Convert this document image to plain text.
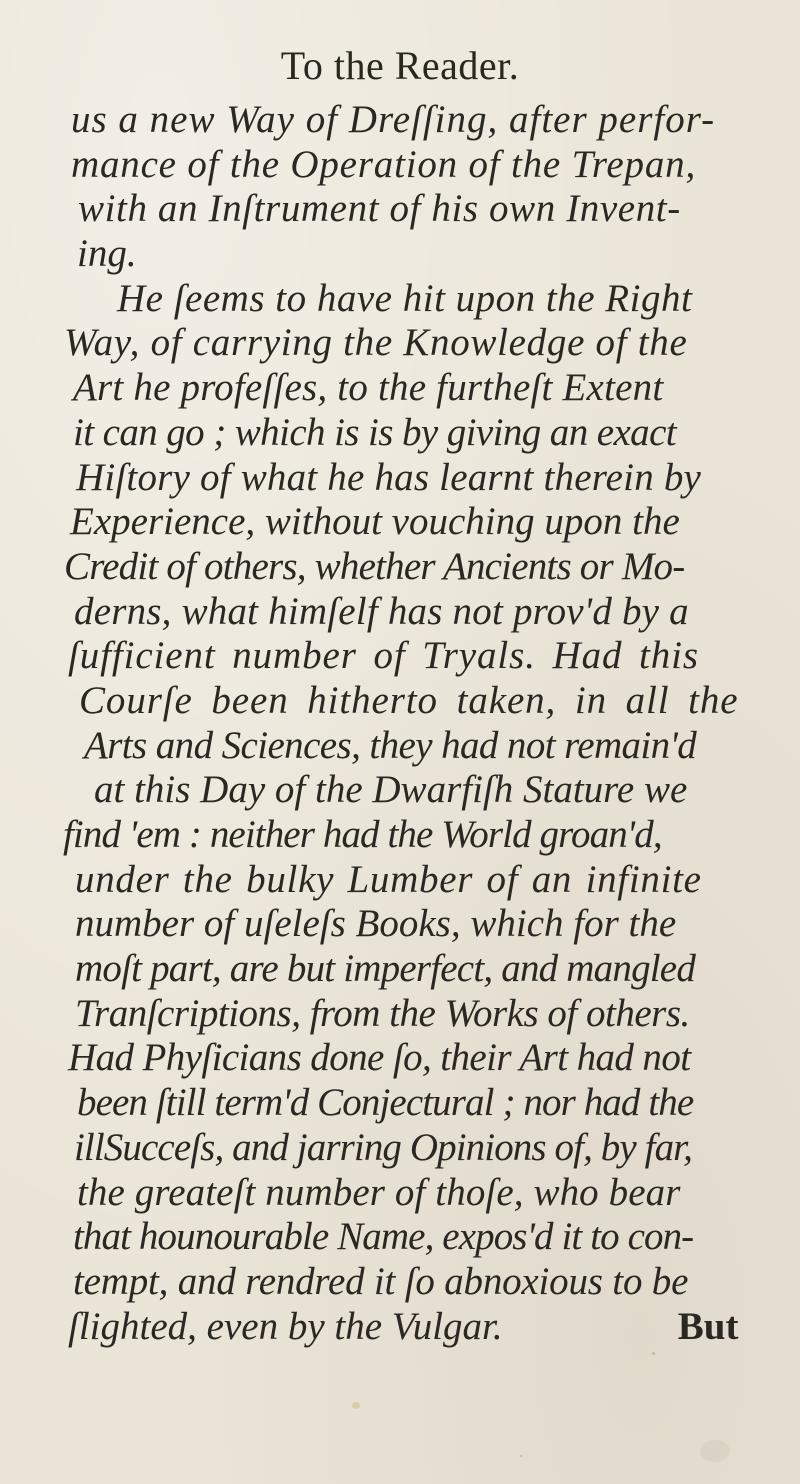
To the Reader.
us a new Way of Dreſſing, after perfor-
mance of the Operation of the Trepan,
with an Inſtrument of his own Invent-
ing.
He ſeems to have hit upon the Right
Way, of carrying the Knowledge of the
Art he profeſſes, to the furtheſt Extent
it can go ; which is is by giving an exact
Hiſtory of what he has learnt therein by
Experience, without vouching upon the
Credit of others, whether Ancients or Mo-
derns, what himſelf has not prov'd by a
ſufficient number of Tryals. Had this
Courſe been hitherto taken, in all the
Arts and Sciences, they had not remain'd
at this Day of the Dwarfiſh Stature we
find 'em : neither had the World groan'd,
under the bulky Lumber of an infinite
number of uſeleſs Books, which for the
moſt part, are but imperfect, and mangled
Tranſcriptions, from the Works of others.
Had Phyſicians done ſo, their Art had not
been ſtill term'd Conjectural ; nor had the
illSucceſs, and jarring Opinions of, by far,
the greateſt number of thoſe, who bear
that hounourable Name, expos'd it to con-
tempt, and rendred it ſo abnoxious to be
ſlighted, even by the Vulgar.	But
